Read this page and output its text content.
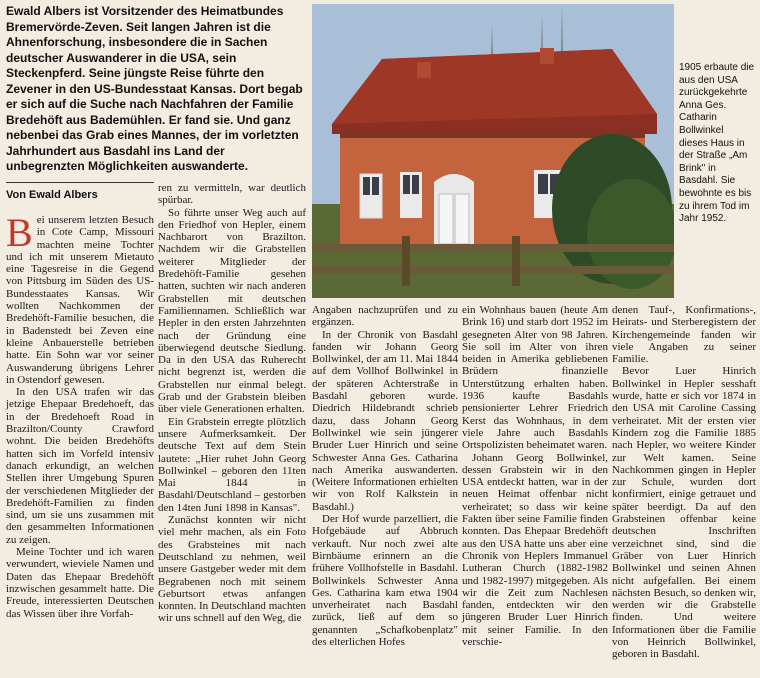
Ewald Albers ist Vorsitzender des Heimatbundes Bremervörde-Zeven. Seit langen Jahren ist die Ahnenforschung, insbesondere die in Sachen deutscher Auswanderer in die USA, sein Steckenpferd. Seine jüngste Reise führte den Zevener in den US-Bundesstaat Kansas. Dort begab er sich auf die Suche nach Nachfahren der Familie Bredehöft aus Bademühlen. Er fand sie. Und ganz nebenbei das Grab eines Mannes, der im vorletzten Jahrhundert aus Basdahl ins Land der unbegrenzten Möglichkeiten auswanderte.

1905 erbaute die aus den USA zurückgekehrte Anna Ges. Catharin Bollwinkel dieses Haus in der Straße „Am Brink" in Basdahl. Sie bewohnte es bis zu ihrem Tod im Jahr 1952.
Von Ewald Albers

Bei unserem letzten Besuch in Cote Camp, Missouri machten meine Tochter und ich mit unserem Mietauto eine Tagesreise in die Gegend von Pittsburg im Süden des US-Bundesstaates Kansas. Wir wollten Nachkommen der Bredehöft-Familie besuchen, die in Badenstedt bei Zeven eine kleine Anbauerstelle betrieben hatte. Ein Sohn war vor seiner Auswanderung übrigens Lehrer in Ostendorf gewesen.

In den USA trafen wir das jetzige Ehepaar Bredehoeft, das in der Bredehoeft Road in Brazilton/County Crawford wohnt. Die beiden Bredehöfts hatten sich im Vorfeld intensiv danach erkundigt, an welchen Stellen ihrer Umgebung Spuren der verschiedenen Mitglieder der Bredehöft-Familien zu finden sind, um sie uns zusammen mit den gesammelten Informationen zu zeigen.

Meine Tochter und ich waren verwundert, wieviele Namen und Daten das Ehepaar Bredehöft inzwischen gesammelt hatte. Die Freude, interessierten Deutschen das Wissen über ihre Vorfah-

ren zu vermitteln, war deutlich spürbar.

So führte unser Weg auch auf den Friedhof von Hepler, einem Nachbarort von Brazilton. Nachdem wir die Grabstellen weiterer Mitglieder der Bredehöft-Familie gesehen hatten, suchten wir nach anderen Grabstellen mit deutschen Familiennamen. Schließlich war Hepler in den ersten Jahrzehnten nach der Gründung eine überwiegend deutsche Siedlung. Da in den USA das Ruherecht nicht begrenzt ist, werden die Grabstellen nur einmal belegt. Grab und der Grabstein bleiben über viele Generationen erhalten.

Ein Grabstein erregte plötzlich unsere Aufmerksamkeit. Der deutsche Text auf dem Stein lautete: „Hier ruhet John Georg Bollwinkel – geboren den 11ten Mai 1844 in Basdahl/Deutschland – gestorben den 14ten Juni 1898 in Kansas".

Zunächst konnten wir nicht viel mehr machen, als ein Foto des Grabsteines mit nach Deutschland zu nehmen, weil unsere Gastgeber weder mit dem Begrabenen noch mit seinem Geburtsort etwas anfangen konnten. In Deutschland machten wir uns schnell auf den Weg, die

Angaben nachzuprüfen und zu ergänzen.

In der Chronik von Basdahl fanden wir Johann Georg Bollwinkel, der am 11. Mai 1844 auf dem Vollhof Bollwinkel in der späteren Achterstraße in Basdahl geboren wurde. Diedrich Hildebrandt schrieb dazu, dass Johann Georg Bollwinkel wie sein jüngerer Bruder Luer Hinrich und seine Schwester Anna Ges. Catharina nach Amerika auswanderten. (Weitere Informationen erhielten wir von Rolf Kalkstein in Basdahl.)

Der Hof wurde parzelliert, die Hofgebäude auf Abbruch verkauft. Nur noch zwei alte Birnbäume erinnern an die frühere Vollhofstelle in Basdahl. Bollwinkels Schwester Anna Ges. Catharina kam etwa 1904 unverheiratet nach Basdahl zurück, ließ auf dem so genannten „Schafkobenplatz" des elterlichen Hofes

ein Wohnhaus bauen (heute Am Brink 16) und starb dort 1952 im gesegneten Alter von 98 Jahren. Sie soll im Alter von ihren beiden in Amerika gebliebenen Brüdern finanzielle Unterstützung erhalten haben. 1936 kaufte Basdahls pensionierter Lehrer Friedrich Kerst das Wohnhaus, in dem viele Jahre auch Basdahls Ortspolizisten beheimatet waren.

Johann Georg Bollwinkel, dessen Grabstein wir in den USA entdeckt hatten, war in der neuen Heimat offenbar nicht verheiratet; so dass wir keine Fakten über seine Familie finden konnten. Das Ehepaar Bredehöft aus den USA hatte uns aber eine Chronik von Heplers Immanuel Lutheran Church (1882-1982 und 1982-1997) mitgegeben. Als wir die Zeit zum Nachlesen fanden, entdeckten wir den jüngeren Bruder Luer Hinrich mit seiner Familie. In den verschie-

denen Tauf-, Konfirmations-, Heirats- und Sterberegistern der Kirchengemeinde fanden wir viele Angaben zu seiner Familie.

Bevor Luer Hinrich Bollwinkel in Hepler sesshaft wurde, hatte er sich vor 1874 in den USA mit Caroline Cassing verheiratet. Mit der ersten vier Kindern zog die Familie 1885 nach Hepler, wo weitere Kinder zur Welt kamen. Seine Nachkommen gingen in Hepler zur Schule, wurden dort konfirmiert, einige getrauet und später beerdigt. Da auf den Grabsteinen offenbar keine deutschen Inschriften verzeichnet sind, sind die Gräber von Luer Hinrich Bollwinkel und seinen Ahnen nicht aufgefallen. Bei einem nächsten Besuch, so denken wir, werden wir die Grabstelle finden. Und weitere Informationen über die Familie von Heinrich Bollwinkel, geboren in Basdahl.
